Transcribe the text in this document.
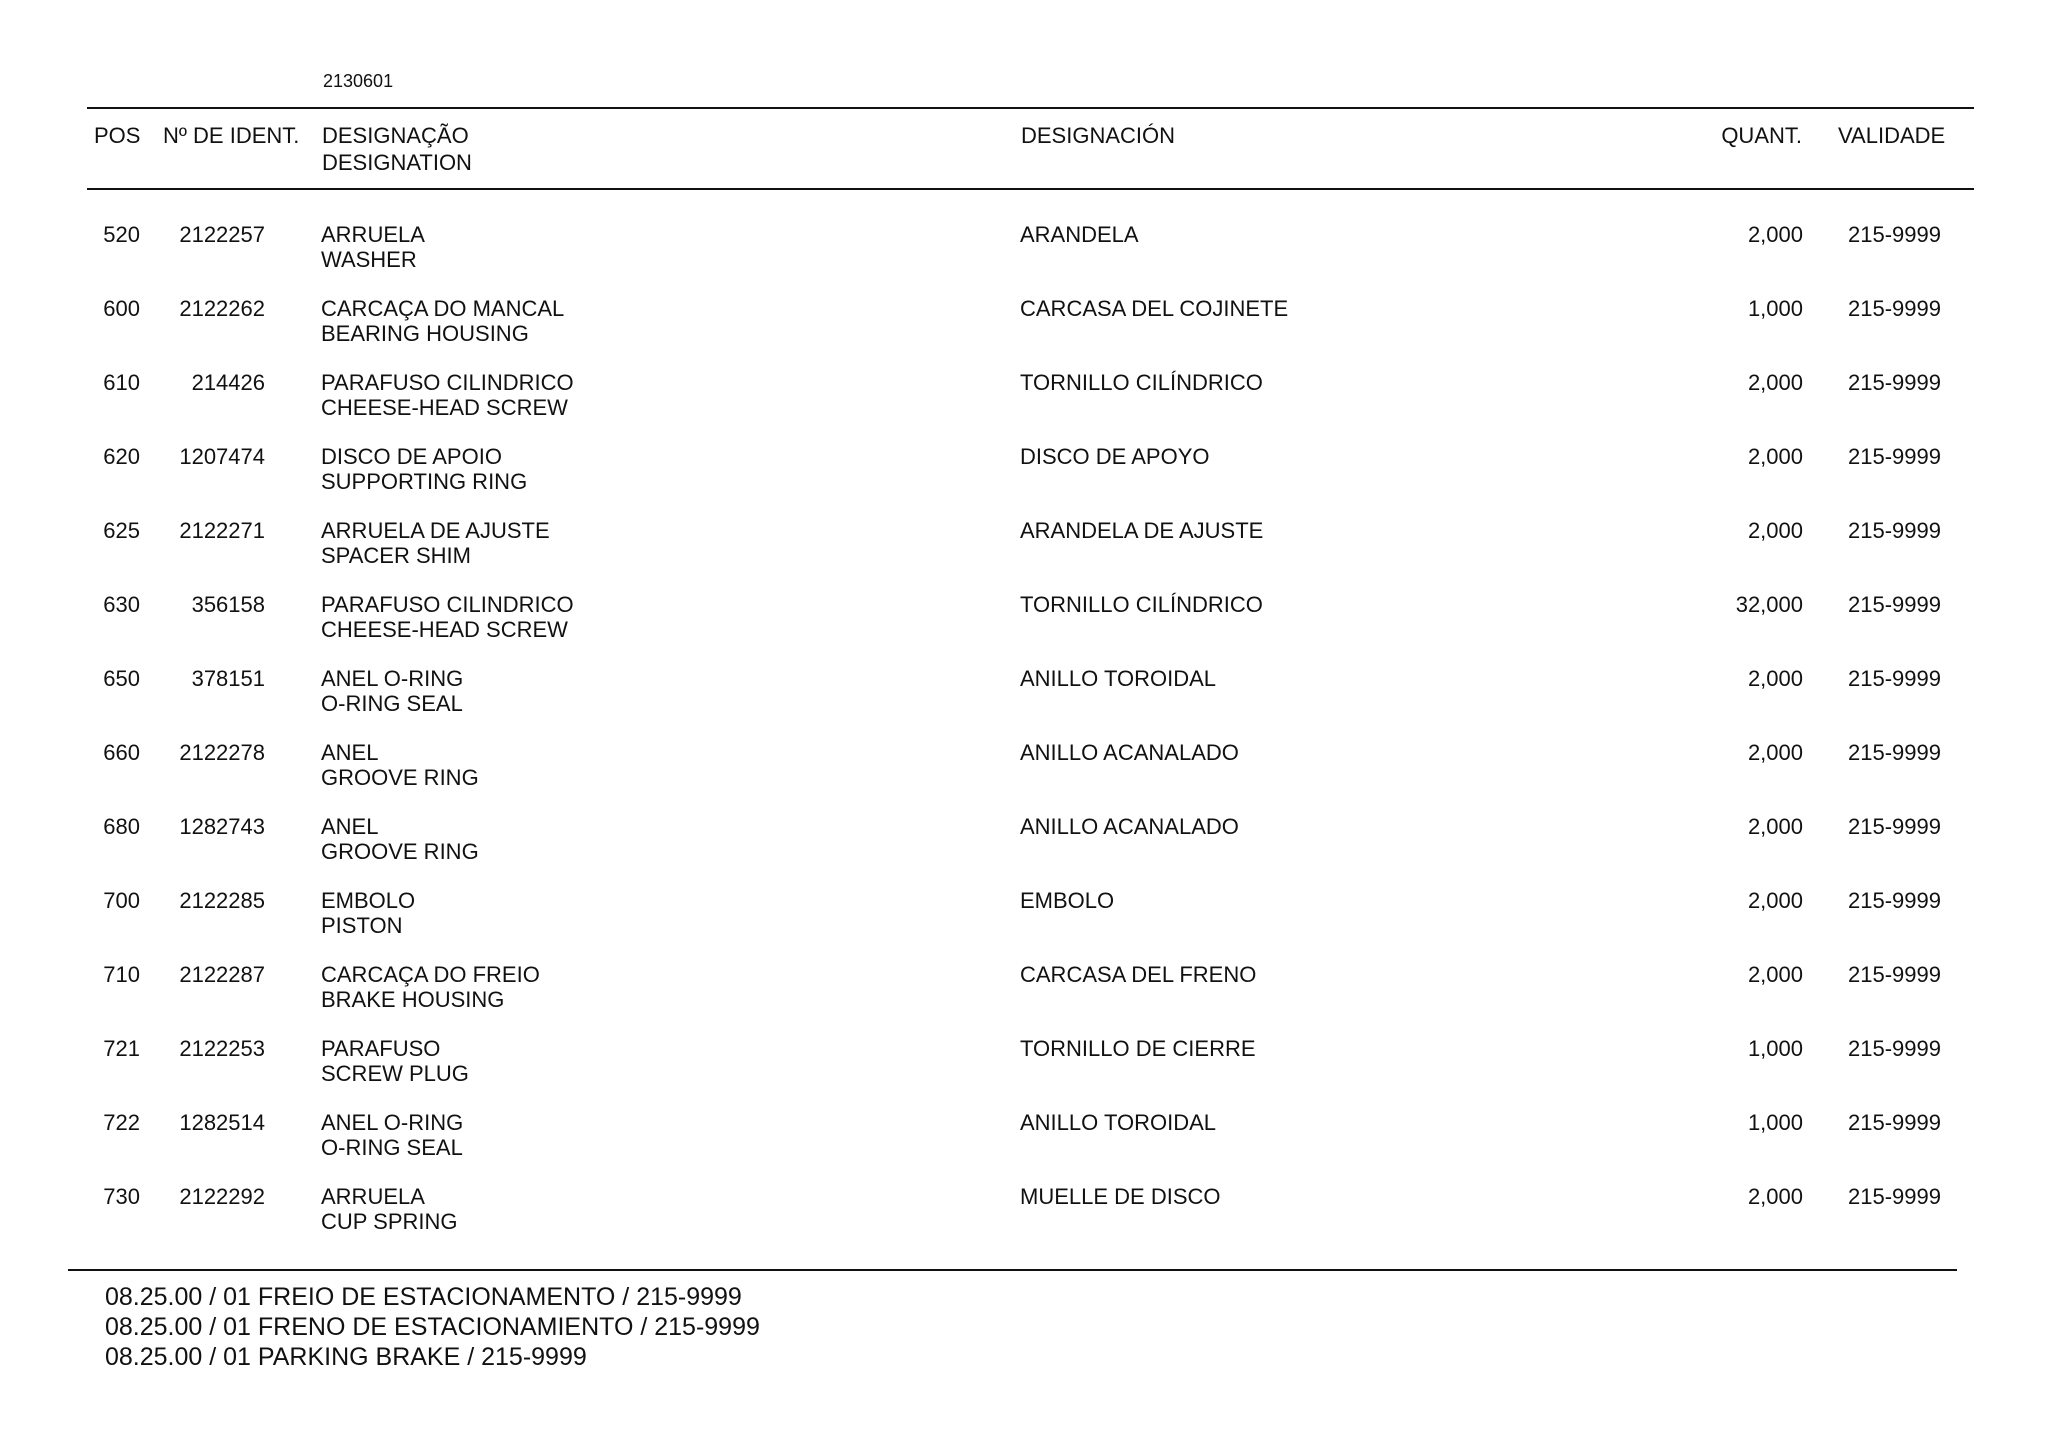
2130601
POS Nº DE IDENT. DESIGNAÇÃO
DESIGNATION
DESIGNACIÓN	QUANT. VALIDADE
520	2122257	ARRUELA
WASHER
ARANDELA	2,000 215-9999
600	2122262	CARCAÇA DO MANCAL
BEARING HOUSING
CARCASA DEL COJINETE	1,000 215-9999
610	214426	PARAFUSO CILINDRICO
CHEESE-HEAD SCREW
TORNILLO CILÍNDRICO	2,000 215-9999
620	1207474	DISCO DE APOIO
SUPPORTING RING
DISCO DE APOYO	2,000 215-9999
625	2122271	ARRUELA DE AJUSTE
SPACER SHIM
ARANDELA DE AJUSTE	2,000 215-9999
630	356158	PARAFUSO CILINDRICO
CHEESE-HEAD SCREW
TORNILLO CILÍNDRICO	32,000 215-9999
650	378151	ANEL O-RING
O-RING SEAL
ANILLO TOROIDAL	2,000 215-9999
660	2122278	ANEL
GROOVE RING
ANILLO ACANALADO	2,000 215-9999
680	1282743	ANEL
GROOVE RING
ANILLO ACANALADO	2,000 215-9999
700	2122285	EMBOLO
PISTON
EMBOLO	2,000 215-9999
710	2122287	CARCAÇA DO FREIO
BRAKE HOUSING
CARCASA DEL FRENO	2,000 215-9999
721	2122253	PARAFUSO
SCREW PLUG
TORNILLO DE CIERRE	1,000 215-9999
722	1282514	ANEL O-RING
O-RING SEAL
ANILLO TOROIDAL	1,000 215-9999
730	2122292	ARRUELA
CUP SPRING
MUELLE DE DISCO	2,000 215-9999
08.25.00 / 01 FREIO DE ESTACIONAMENTO / 215-9999
08.25.00 / 01 FRENO DE ESTACIONAMIENTO / 215-9999
08.25.00 / 01 PARKING BRAKE / 215-9999
